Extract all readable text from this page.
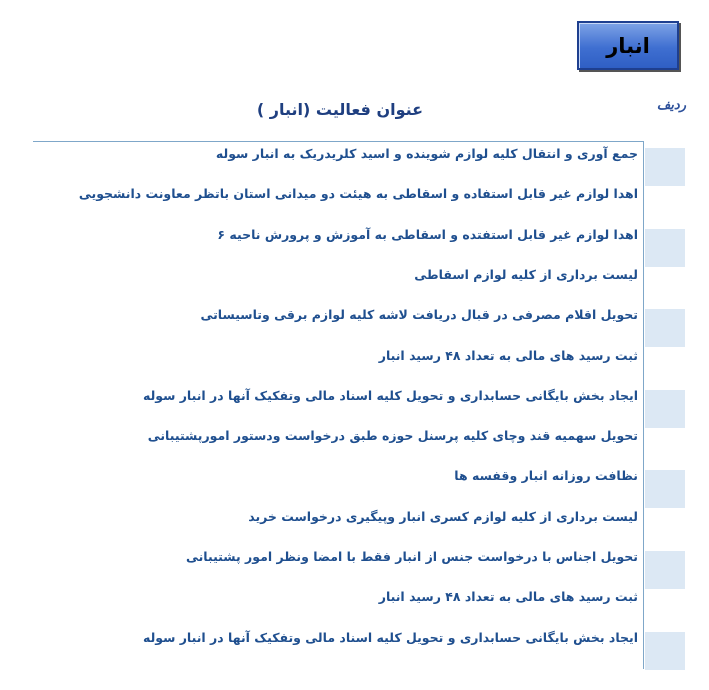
انبار
ردیف
عنوان فعالیت (انبار )
جمع آوری و انتقال کلیه لوازم شوینده و اسید کلریدریک به انبار سوله
اهدا لوازم غیر قابل استفاده و اسقاطی به هیئت دو میدانی استان باتظر معاونت دانشجویی
اهدا لوازم غیر قابل استفتده و اسقاطی به آموزش و پرورش ناحیه ۶
لیست برداری از کلیه لوازم اسقاطی
تحویل اقلام مصرفی در قبال دریافت لاشه کلیه لوازم برقی وتاسیساتی
ثبت رسید های مالی به تعداد ۴۸ رسید انبار
ایجاد بخش بایگانی حسابداری و تحویل کلیه اسناد مالی وتفکیک آنها در انبار سوله
تحویل سهمیه قند وچای کلیه پرسنل حوزه طبق درخواست ودستور امورپشتیبانی
نظافت روزانه انبار وقفسه ها
لیست برداری از کلیه لوازم کسری انبار وپیگیری درخواست خرید
تحویل اجناس با درخواست جنس از انبار فقط با امضا ونظر امور پشتیبانی
ثبت رسید های مالی به تعداد ۴۸ رسید انبار
ایجاد بخش بایگانی حسابداری و تحویل کلیه اسناد مالی وتفکیک آنها در انبار سوله
